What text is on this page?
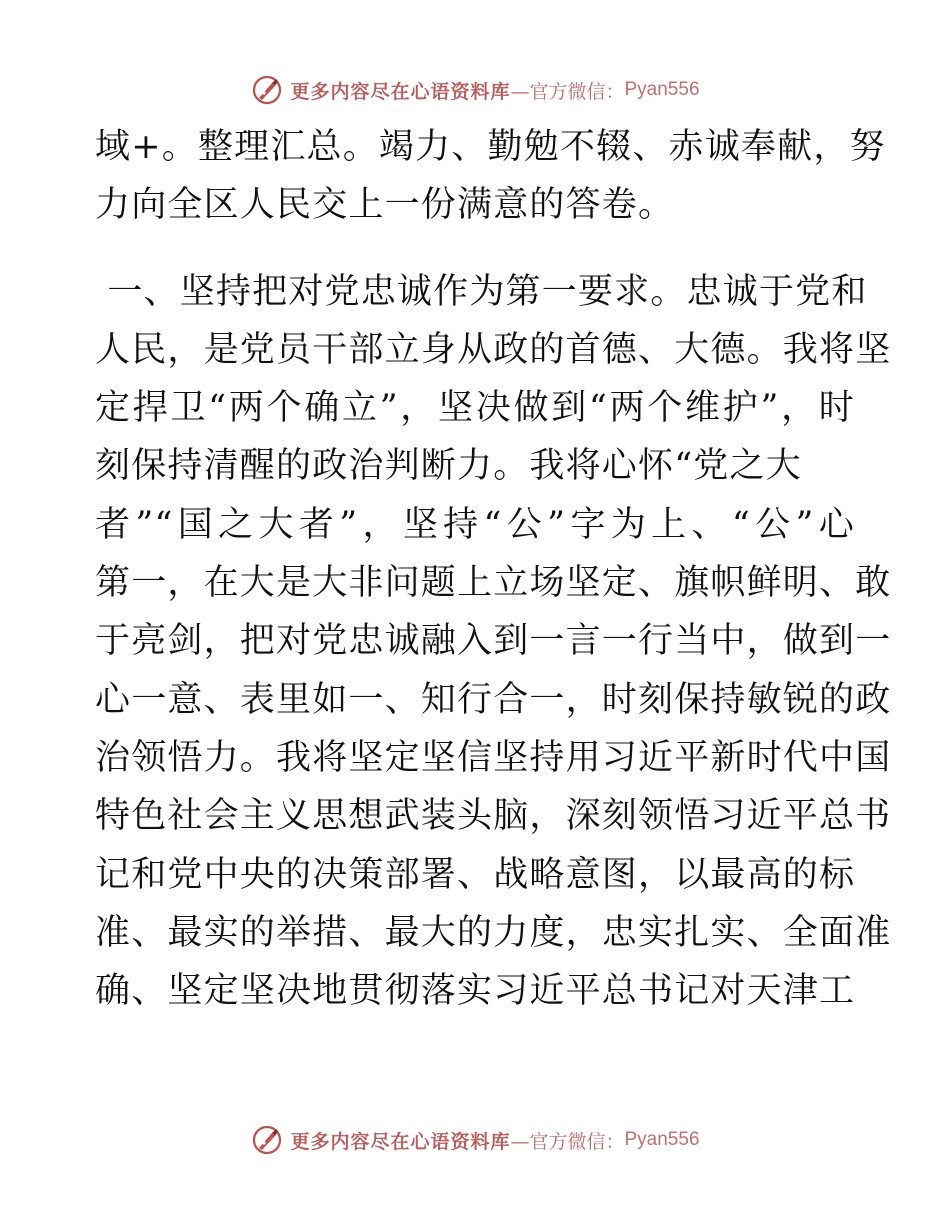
更多内容尽在心语资料库 —官方微信： Pyan556
域+。整理汇总。竭力、勤勉不辍、赤诚奉献，努
力向全区人民交上一份满意的答卷。
一、坚持把对党忠诚作为第一要求。忠诚于党和
人民，是党员干部立身从政的首德、大德。我将坚
定捍卫“两个确立”，坚决做到“两个维护”，时
刻保持清醒的政治判断力。我将心怀“党之大
者”“国之大者”，坚持“公”字为上、“公”心
第一，在大是大非问题上立场坚定、旗帜鲜明、敢
于亮剑，把对党忠诚融入到一言一行当中，做到一
心一意、表里如一、知行合一，时刻保持敏锐的政
治领悟力。我将坚定坚信坚持用习近平新时代中国
特色社会主义思想武装头脑，深刻领悟习近平总书
记和党中央的决策部署、战略意图，以最高的标
准、最实的举措、最大的力度，忠实扎实、全面准
确、坚定坚决地贯彻落实习近平总书记对天津工
更多内容尽在心语资料库 —官方微信： Pyan556
